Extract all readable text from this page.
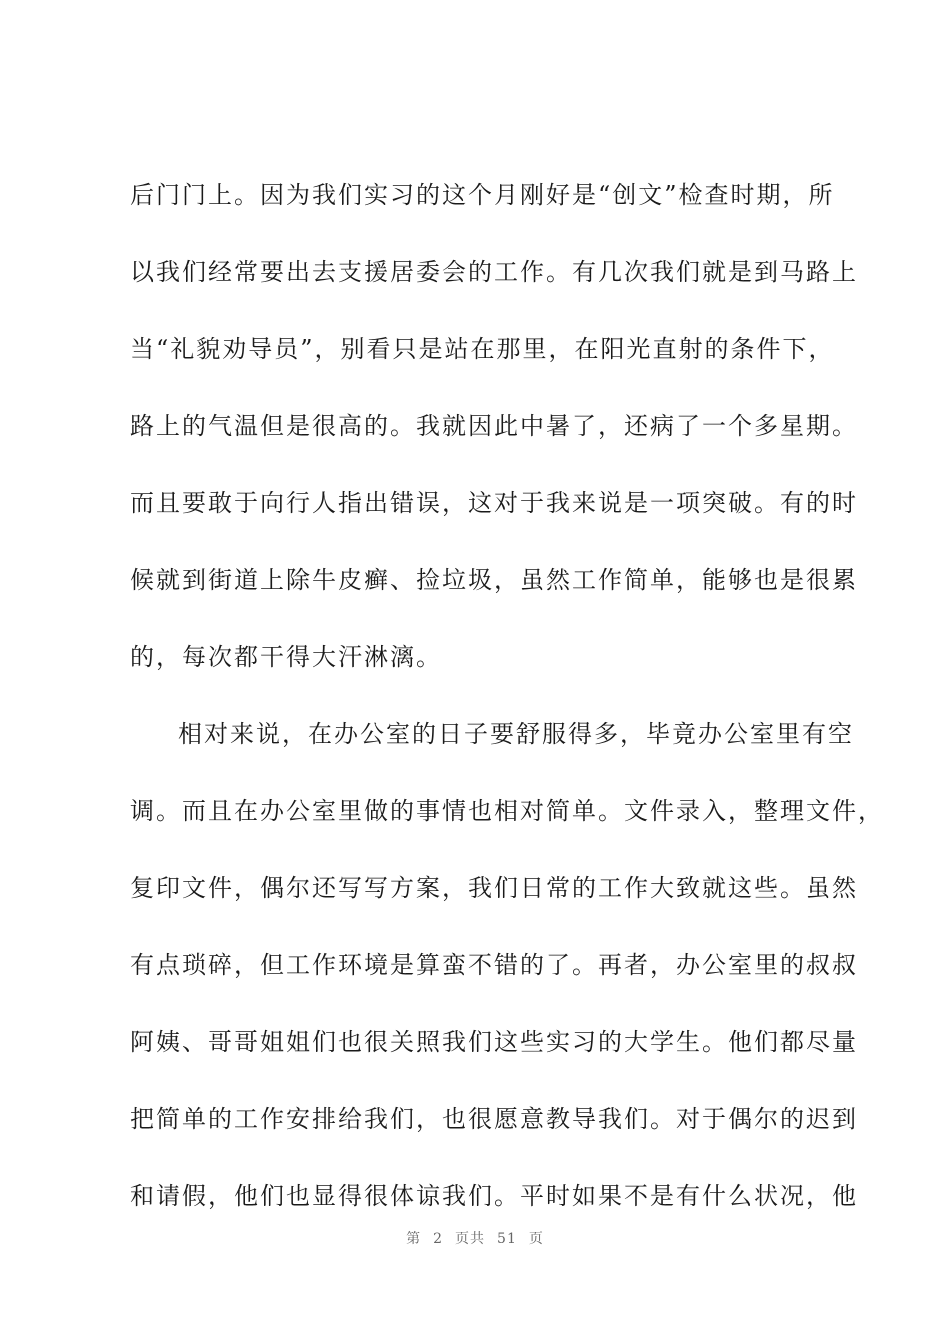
后门门上。因为我们实习的这个月刚好是“创文”检查时期，所
以我们经常要出去支援居委会的工作。有几次我们就是到马路上
当“礼貌劝导员”，别看只是站在那里，在阳光直射的条件下，
路上的气温但是很高的。我就因此中暑了，还病了一个多星期。
而且要敢于向行人指出错误，这对于我来说是一项突破。有的时
候就到街道上除牛皮癣、捡垃圾，虽然工作简单，能够也是很累
的，每次都干得大汗淋漓。
相对来说，在办公室的日子要舒服得多，毕竟办公室里有空
调。而且在办公室里做的事情也相对简单。文件录入，整理文件，
复印文件，偶尔还写写方案，我们日常的工作大致就这些。虽然
有点琐碎，但工作环境是算蛮不错的了。再者，办公室里的叔叔
阿姨、哥哥姐姐们也很关照我们这些实习的大学生。他们都尽量
把简单的工作安排给我们，也很愿意教导我们。对于偶尔的迟到
和请假，他们也显得很体谅我们。平时如果不是有什么状况，他
第 2 页共 51 页
